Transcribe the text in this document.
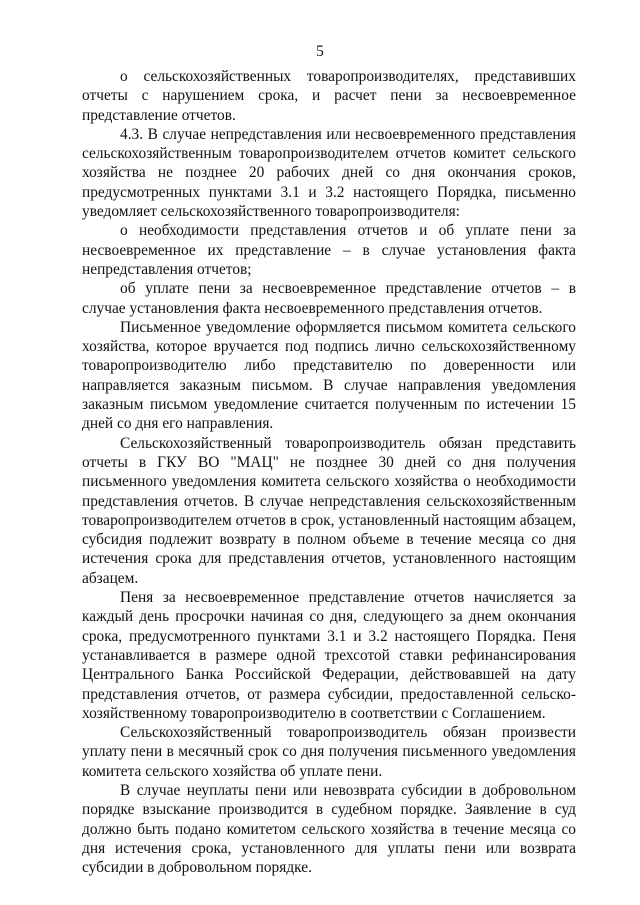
5

о сельскохозяйственных товаропроизводителях, представивших отчеты с нарушением срока, и расчет пени за несвоевременное представление отчетов.

4.3. В случае непредставления или несвоевременного представления сельскохозяйственным товаропроизводителем отчетов комитет сельского хозяйства не позднее 20 рабочих дней со дня окончания сроков, предусмотренных пунктами 3.1 и 3.2 настоящего Порядка, письменно уведомляет сельскохозяйственного товаропроизводителя:

о необходимости представления отчетов и об уплате пени за несвоевременное их представление – в случае установления факта непредставления отчетов;

об уплате пени за несвоевременное представление отчетов – в случае установления факта несвоевременного представления отчетов.

Письменное уведомление оформляется письмом комитета сельского хозяйства, которое вручается под подпись лично сельскохозяйственному товаропроизводителю либо представителю по доверенности или направляется заказным письмом. В случае направления уведомления заказным письмом уведомление считается полученным по истечении 15 дней со дня его направления.

Сельскохозяйственный товаропроизводитель обязан представить отчеты в ГКУ ВО "МАЦ" не позднее 30 дней со дня получения письменного уведомления комитета сельского хозяйства о необходимости представления отчетов. В случае непредставления сельскохозяйственным товаропроизводителем отчетов в срок, установленный настоящим абзацем, субсидия подлежит возврату в полном объеме в течение месяца со дня истечения срока для представления отчетов, установленного настоящим абзацем.

Пеня за несвоевременное представление отчетов начисляется за каждый день просрочки начиная со дня, следующего за днем окончания срока, предусмотренного пунктами 3.1 и 3.2 настоящего Порядка. Пеня устанавливается в размере одной трехсотой ставки рефинансирования Центрального Банка Российской Федерации, действовавшей на дату представления отчетов, от размера субсидии, предоставленной сельско-хозяйственному товаропроизводителю в соответствии с Соглашением.

Сельскохозяйственный товаропроизводитель обязан произвести уплату пени в месячный срок со дня получения письменного уведомления комитета сельского хозяйства об уплате пени.

В случае неуплаты пени или невозврата субсидии в добровольном порядке взыскание производится в судебном порядке. Заявление в суд должно быть подано комитетом сельского хозяйства в течение месяца со дня истечения срока, установленного для уплаты пени или возврата субсидии в добровольном порядке.
